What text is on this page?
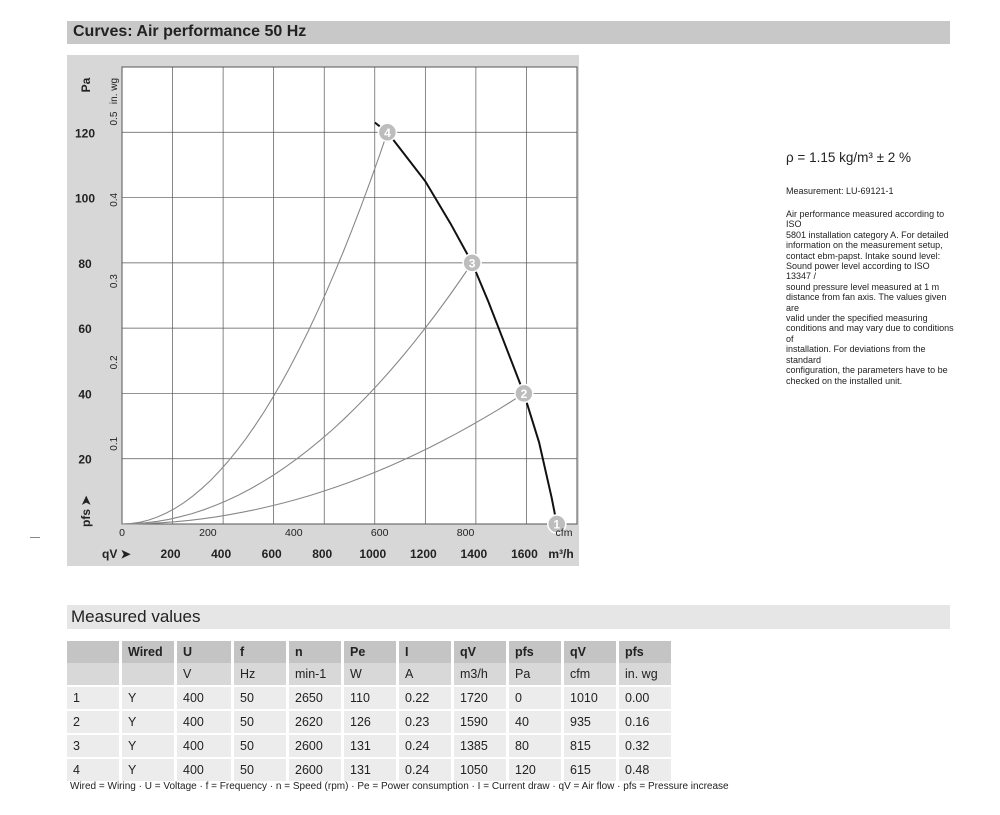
Curves: Air performance 50 Hz
1
2
3
4
20
40
60
80
100
120
0.1
0.2
0.3
0.4
0.5
Pa in. wg
pfs ➤
0	200	400	600	800	cfm
200	400	600	800 1000 1200 1400 1600
qV ➤	m³/h
ρ = 1.15 kg/m³ ± 2 %
Measurement: LU-69121-1
Air performance measured according to ISO
5801 installation category A. For detailed
information on the measurement setup,
contact ebm-papst. Intake sound level:
Sound power level according to ISO 13347 /
sound pressure level measured at 1 m
distance from fan axis. The values given are
valid under the specified measuring
conditions and may vary due to conditions of
installation. For deviations from the standard
configuration, the parameters have to be
checked on the installed unit.
Measured values
	Wired	U	f	n	Pe	I	qV	pfs	qV	pfs
		V	Hz	min-1	W	A	m3/h	Pa	cfm	in. wg
1	Y	400	50	2650	110	0.22	1720	0	1010	0.00
2	Y	400	50	2620	126	0.23	1590	40	935	0.16
3	Y	400	50	2600	131	0.24	1385	80	815	0.32
4	Y	400	50	2600	131	0.24	1050	120	615	0.48
Wired = Wiring · U = Voltage · f = Frequency · n = Speed (rpm) · Pe = Power consumption · I = Current draw · qV = Air flow · pfs = Pressure increase
